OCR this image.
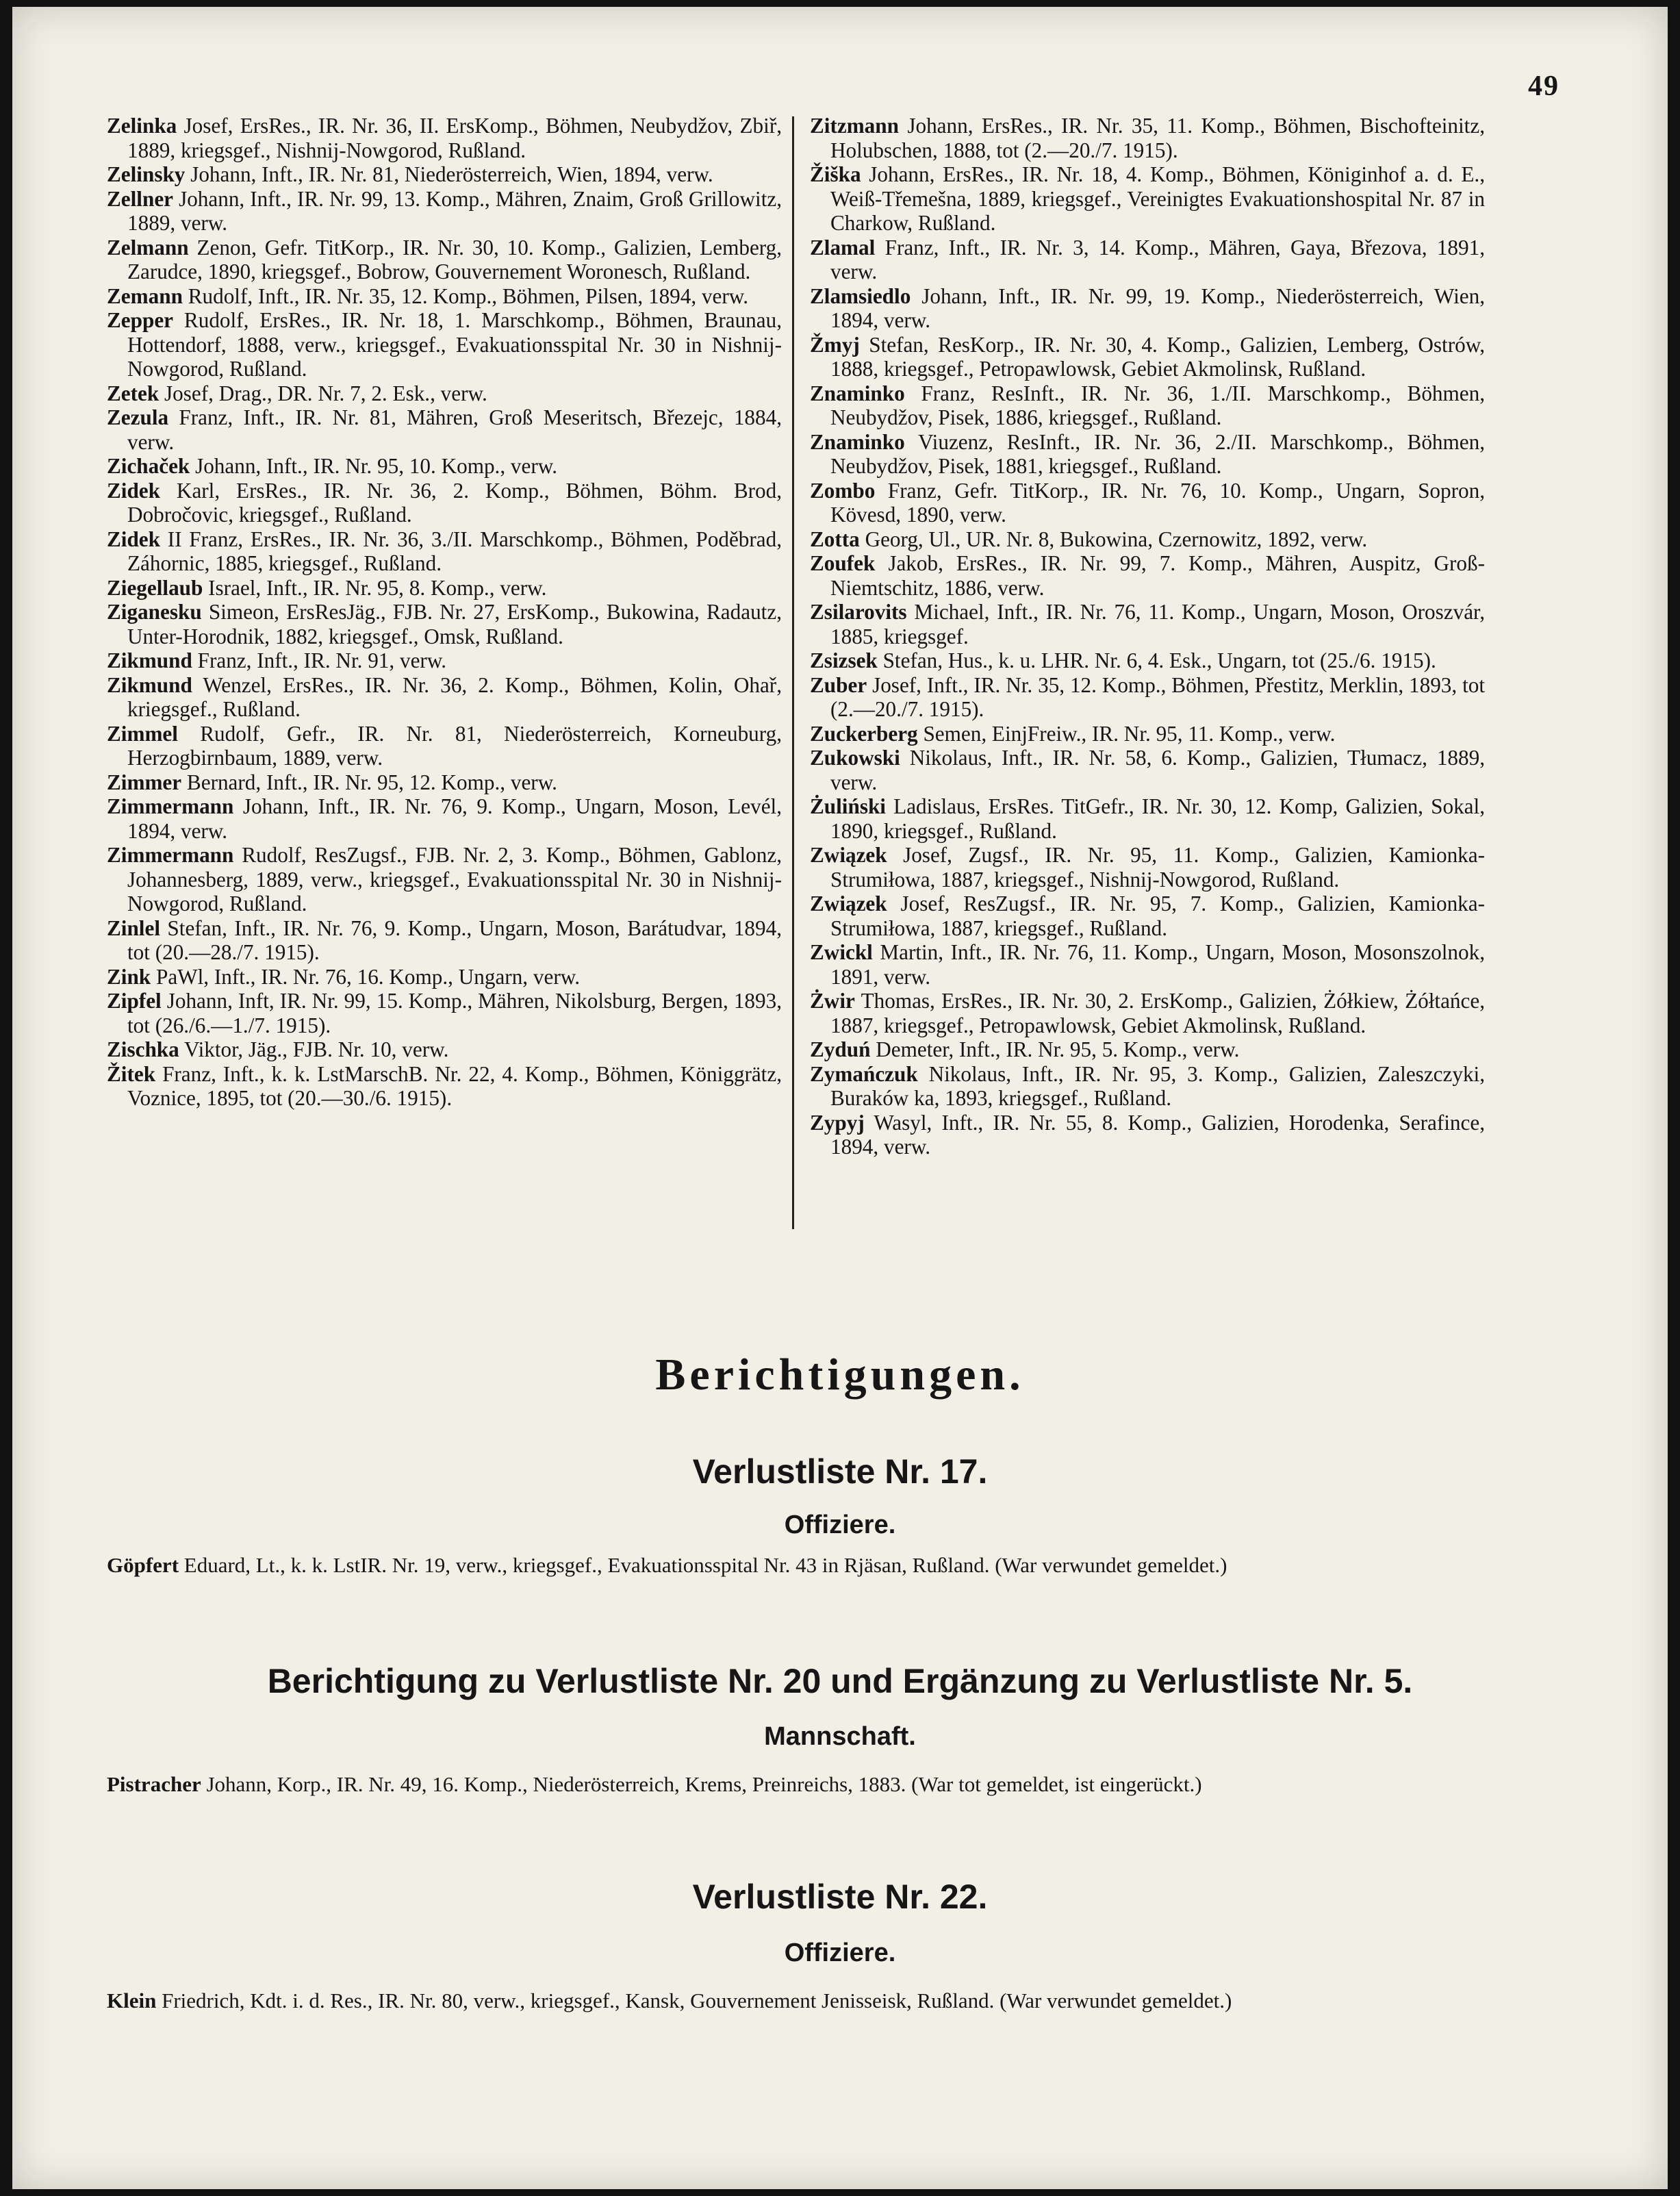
49

Zelinka Josef, ErsRes., IR. Nr. 36, II. ErsKomp., Böhmen, Neubydžov, Zbiř, 1889, kriegsgef., Nishnij-Nowgorod, Rußland.

Zelinsky Johann, Inft., IR. Nr. 81, Niederösterreich, Wien, 1894, verw.

Zellner Johann, Inft., IR. Nr. 99, 13. Komp., Mähren, Znaim, Groß Grillowitz, 1889, verw.

Zelmann Zenon, Gefr. TitKorp., IR. Nr. 30, 10. Komp., Galizien, Lemberg, Zarudce, 1890, kriegsgef., Bobrow, Gouvernement Woronesch, Rußland.

Zemann Rudolf, Inft., IR. Nr. 35, 12. Komp., Böhmen, Pilsen, 1894, verw.

Zepper Rudolf, ErsRes., IR. Nr. 18, 1. Marschkomp., Böhmen, Braunau, Hottendorf, 1888, verw., kriegsgef., Evakuationsspital Nr. 30 in Nishnij-Nowgorod, Rußland.

Zetek Josef, Drag., DR. Nr. 7, 2. Esk., verw.

Zezula Franz, Inft., IR. Nr. 81, Mähren, Groß Meseritsch, Březejc, 1884, verw.

Zichaček Johann, Inft., IR. Nr. 95, 10. Komp., verw.

Zidek Karl, ErsRes., IR. Nr. 36, 2. Komp., Böhmen, Böhm. Brod, Dobročovic, kriegsgef., Rußland.

Zidek II Franz, ErsRes., IR. Nr. 36, 3./II. Marschkomp., Böhmen, Poděbrad, Záhornic, 1885, kriegsgef., Rußland.

Ziegellaub Israel, Inft., IR. Nr. 95, 8. Komp., verw.

Ziganesku Simeon, ErsResJäg., FJB. Nr. 27, ErsKomp., Bukowina, Radautz, Unter-Horodnik, 1882, kriegsgef., Omsk, Rußland.

Zikmund Franz, Inft., IR. Nr. 91, verw.

Zikmund Wenzel, ErsRes., IR. Nr. 36, 2. Komp., Böhmen, Kolin, Ohař, kriegsgef., Rußland.

Zimmel Rudolf, Gefr., IR. Nr. 81, Niederösterreich, Korneuburg, Herzogbirnbaum, 1889, verw.

Zimmer Bernard, Inft., IR. Nr. 95, 12. Komp., verw.

Zimmermann Johann, Inft., IR. Nr. 76, 9. Komp., Ungarn, Moson, Levél, 1894, verw.

Zimmermann Rudolf, ResZugsf., FJB. Nr. 2, 3. Komp., Böhmen, Gablonz, Johannesberg, 1889, verw., kriegsgef., Evakuationsspital Nr. 30 in Nishnij-Nowgorod, Rußland.

Zinlel Stefan, Inft., IR. Nr. 76, 9. Komp., Ungarn, Moson, Barátudvar, 1894, tot (20.—28./7. 1915).

Zink PaWl, Inft., IR. Nr. 76, 16. Komp., Ungarn, verw.

Zipfel Johann, Inft, IR. Nr. 99, 15. Komp., Mähren, Nikolsburg, Bergen, 1893, tot (26./6.—1./7. 1915).

Zischka Viktor, Jäg., FJB. Nr. 10, verw.

Žitek Franz, Inft., k. k. LstMarschB. Nr. 22, 4. Komp., Böhmen, Königgrätz, Voznice, 1895, tot (20.—30./6. 1915).

Zitzmann Johann, ErsRes., IR. Nr. 35, 11. Komp., Böhmen, Bischofteinitz, Holubschen, 1888, tot (2.—20./7. 1915).

Žiška Johann, ErsRes., IR. Nr. 18, 4. Komp., Böhmen, Königinhof a. d. E., Weiß-Třemešna, 1889, kriegsgef., Vereinigtes Evakuationshospital Nr. 87 in Charkow, Rußland.

Zlamal Franz, Inft., IR. Nr. 3, 14. Komp., Mähren, Gaya, Březova, 1891, verw.

Zlamsiedlo Johann, Inft., IR. Nr. 99, 19. Komp., Niederösterreich, Wien, 1894, verw.

Žmyj Stefan, ResKorp., IR. Nr. 30, 4. Komp., Galizien, Lemberg, Ostrów, 1888, kriegsgef., Petropawlowsk, Gebiet Akmolinsk, Rußland.

Znaminko Franz, ResInft., IR. Nr. 36, 1./II. Marschkomp., Böhmen, Neubydžov, Pisek, 1886, kriegsgef., Rußland.

Znaminko Viuzenz, ResInft., IR. Nr. 36, 2./II. Marschkomp., Böhmen, Neubydžov, Pisek, 1881, kriegsgef., Rußland.

Zombo Franz, Gefr. TitKorp., IR. Nr. 76, 10. Komp., Ungarn, Sopron, Kövesd, 1890, verw.

Zotta Georg, Ul., UR. Nr. 8, Bukowina, Czernowitz, 1892, verw.

Zoufek Jakob, ErsRes., IR. Nr. 99, 7. Komp., Mähren, Auspitz, Groß-Niemtschitz, 1886, verw.

Zsilarovits Michael, Inft., IR. Nr. 76, 11. Komp., Ungarn, Moson, Oroszvár, 1885, kriegsgef.

Zsizsek Stefan, Hus., k. u. LHR. Nr. 6, 4. Esk., Ungarn, tot (25./6. 1915).

Zuber Josef, Inft., IR. Nr. 35, 12. Komp., Böhmen, Přestitz, Merklin, 1893, tot (2.—20./7. 1915).

Zuckerberg Semen, EinjFreiw., IR. Nr. 95, 11. Komp., verw.

Zukowski Nikolaus, Inft., IR. Nr. 58, 6. Komp., Galizien, Tłumacz, 1889, verw.

Żuliński Ladislaus, ErsRes. TitGefr., IR. Nr. 30, 12. Komp, Galizien, Sokal, 1890, kriegsgef., Rußland.

Związek Josef, Zugsf., IR. Nr. 95, 11. Komp., Galizien, Kamionka-Strumiłowa, 1887, kriegsgef., Nishnij-Nowgorod, Rußland.

Związek Josef, ResZugsf., IR. Nr. 95, 7. Komp., Galizien, Kamionka-Strumiłowa, 1887, kriegsgef., Rußland.

Zwickl Martin, Inft., IR. Nr. 76, 11. Komp., Ungarn, Moson, Mosonszolnok, 1891, verw.

Żwir Thomas, ErsRes., IR. Nr. 30, 2. ErsKomp., Galizien, Żółkiew, Żółtańce, 1887, kriegsgef., Petropawlowsk, Gebiet Akmolinsk, Rußland.

Zyduń Demeter, Inft., IR. Nr. 95, 5. Komp., verw.

Zymańczuk Nikolaus, Inft., IR. Nr. 95, 3. Komp., Galizien, Zaleszczyki, Buraków ka, 1893, kriegsgef., Rußland.

Zypyj Wasyl, Inft., IR. Nr. 55, 8. Komp., Galizien, Horodenka, Serafince, 1894, verw.

Berichtigungen.
Verlustliste Nr. 17.
Offiziere.

Göpfert Eduard, Lt., k. k. LstIR. Nr. 19, verw., kriegsgef., Evakuationsspital Nr. 43 in Rjäsan, Rußland. (War verwundet gemeldet.)

Berichtigung zu Verlustliste Nr. 20 und Ergänzung zu Verlustliste Nr. 5.
Mannschaft.

Pistracher Johann, Korp., IR. Nr. 49, 16. Komp., Niederösterreich, Krems, Preinreichs, 1883. (War tot gemeldet, ist eingerückt.)

Verlustliste Nr. 22.
Offiziere.

Klein Friedrich, Kdt. i. d. Res., IR. Nr. 80, verw., kriegsgef., Kansk, Gouvernement Jenisseisk, Rußland. (War verwundet gemeldet.)
